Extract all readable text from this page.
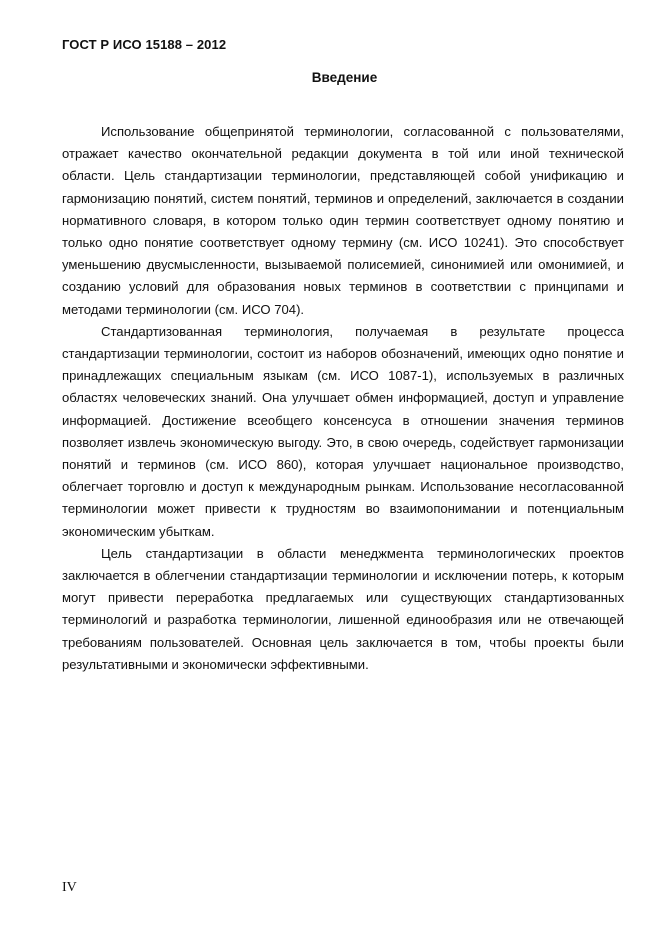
ГОСТ Р ИСО 15188 – 2012
Введение

Использование общепринятой терминологии, согласованной с пользователями, отражает качество окончательной редакции документа в той или иной технической области. Цель стандартизации терминологии, представляющей собой унификацию и гармонизацию понятий, систем понятий, терминов и определений, заключается в создании нормативного словаря, в котором только один термин соответствует одному понятию и только одно понятие соответствует одному термину (см. ИСО 10241). Это способствует уменьшению двусмысленности, вызываемой полисемией, синонимией или омонимией, и созданию условий для образования новых терминов в соответствии с принципами и методами терминологии (см. ИСО 704).

Стандартизованная терминология, получаемая в результате процесса стандартизации терминологии, состоит из наборов обозначений, имеющих одно понятие и принадлежащих специальным языкам (см. ИСО 1087-1), используемых в различных областях человеческих знаний. Она улучшает обмен информацией, доступ и управление информацией. Достижение всеобщего консенсуса в отношении значения терминов позволяет извлечь экономическую выгоду. Это, в свою очередь, содействует гармонизации понятий и терминов (см. ИСО 860), которая улучшает национальное производство, облегчает торговлю и доступ к международным рынкам. Использование несогласованной терминологии может привести к трудностям во взаимопонимании и потенциальным экономическим убыткам.

Цель стандартизации в области менеджмента терминологических проектов заключается в облегчении стандартизации терминологии и исключении потерь, к которым могут привести переработка предлагаемых или существующих стандартизованных терминологий и разработка терминологии, лишенной единообразия или не отвечающей требованиям пользователей. Основная цель заключается в том, чтобы проекты были результативными и экономически эффективными.

IV
